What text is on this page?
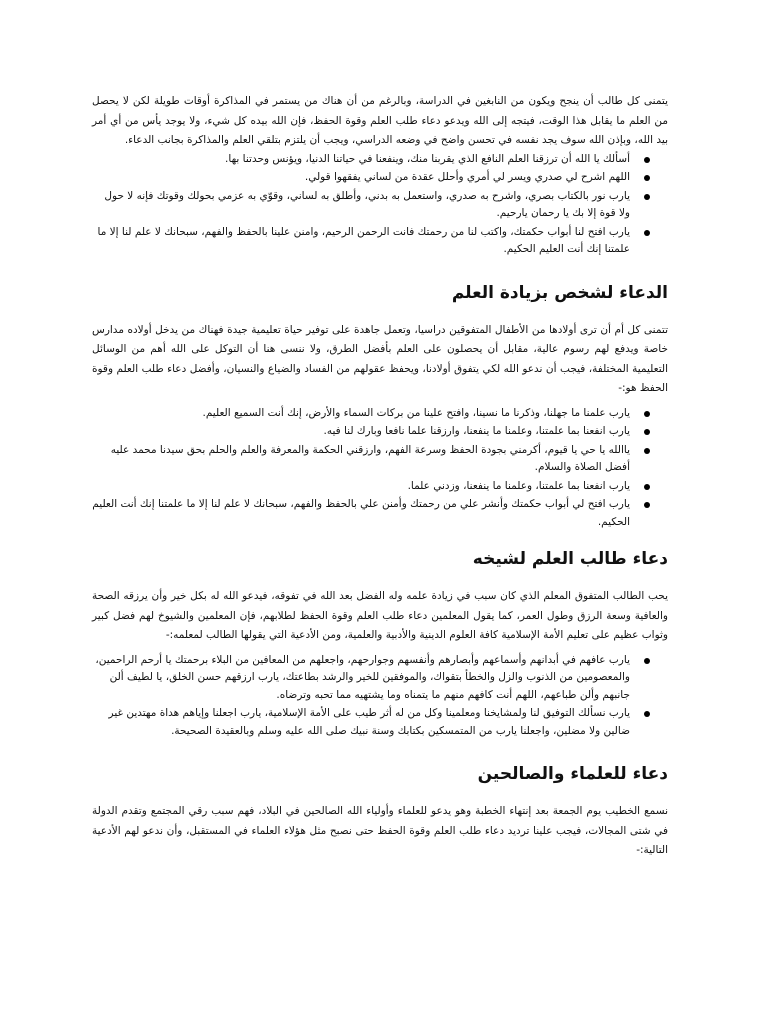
يتمنى كل طالب أن ينجح ويكون من النابغين في الدراسة، وبالرغم من أن هناك من يستمر في المذاكرة أوقات طويلة لكن لا يحصل من العلم ما يقابل هذا الوقت، فيتجه إلى الله ويدعو دعاء طلب العلم وقوة الحفظ، فإن الله بيده كل شيء، ولا يوجد يأس من أي أمر بيد الله، وبإذن الله سوف يجد نفسه في تحسن واضح في وضعه الدراسي، ويجب أن يلتزم بتلقي العلم والمذاكرة بجانب الدعاء.

أسألك يا الله أن ترزقنا العلم النافع الذي يقربنا منك، وينفعنا في حياتنا الدنيا، ويؤنس وحدتنا بها.
اللهم اشرح لي صدري ويسر لي أمري وأحلل عقدة من لساني يفقهوا قولي.
يارب نور بالكتاب بصري، واشرح به صدري، واستعمل به بدني، وأطلق به لساني، وقوّي به عزمي بحولك وقوتك فإنه لا حول ولا قوة إلا بك يا رحمان يارحيم.
يارب افتح لنا أبواب حكمتك، واكتب لنا من رحمتك فانت الرحمن الرحيم، وامنن علينا بالحفظ والفهم، سبحانك لا علم لنا إلا ما علمتنا إنك أنت العليم الحكيم.
الدعاء لشخص بزيادة العلم

تتمنى كل أم أن ترى أولادها من الأطفال المتفوقين دراسيا، وتعمل جاهدة على توفير حياة تعليمية جيدة فهناك من يدخل أولاده مدارس خاصة ويدفع لهم رسوم عالية، مقابل أن يحصلون على العلم بأفضل الطرق، ولا ننسى هنا أن التوكل على الله أهم من الوسائل التعليمية المختلفة، فيجب أن ندعو الله لكي يتفوق أولادنا، ويحفظ عقولهم من الفساد والضياع والنسيان، وأفضل دعاء طلب العلم وقوة الحفظ هو:-

يارب علمنا ما جهلنا، وذكرنا ما نسينا، وافتح علينا من بركات السماء والأرض، إنك أنت السميع العليم.
يارب انفعنا بما علمتنا، وعلمنا ما ينفعنا، وارزقنا علما نافعا وبارك لنا فيه.
ياالله يا حي يا قيوم، أكرمني بجودة الحفظ وسرعة الفهم، وارزقني الحكمة والمعرفة والعلم والحلم بحق سيدنا محمد عليه أفضل الصلاة والسلام.
يارب انفعنا بما علمتنا، وعلمنا ما ينفعنا، وزدني علما.
يارب افتح لي أبواب حكمتك وأنشر علي من رحمتك وأمنن علي بالحفظ والفهم، سبحانك لا علم لنا إلا ما علمتنا إنك أنت العليم الحكيم.
دعاء طالب العلم لشيخه

يحب الطالب المتفوق المعلم الذي كان سبب في زيادة علمه وله الفضل بعد الله في تفوقه، فيدعو الله له بكل خير وأن يرزقه الصحة والعافية وسعة الرزق وطول العمر، كما يقول المعلمين دعاء طلب العلم وقوة الحفظ لطلابهم، فإن المعلمين والشيوخ لهم فضل كبير وثواب عظيم على تعليم الأمة الإسلامية كافة العلوم الدينية والأدبية والعلمية، ومن الأدعية التي يقولها الطالب لمعلمه:-

يارب عافهم في أبدانهم وأسماعهم وأبصارهم وأنفسهم وجوارحهم، واجعلهم من المعافين من البلاء برحمتك يا أرحم الراحمين، والمعصومين من الذنوب والزل والخطأ بتقواك، والموفقين للخير والرشد بطاعتك، يارب ارزقهم حسن الخلق، يا لطيف ألن جانبهم وألن طباعهم، اللهم أنت كافهم منهم ما يتمناه وما يشتهيه مما تحبه وترضاه.
يارب نسألك التوفيق لنا ولمشايخنا ومعلمينا وكل من له أثر طيب على الأمة الإسلامية، يارب اجعلنا وإياهم هداة مهتدين غير ضالين ولا مضلين، واجعلنا يارب من المتمسكين بكتابك وسنة نبيك صلى الله عليه وسلم وبالعقيدة الصحيحة.
دعاء للعلماء والصالحين

نسمع الخطيب يوم الجمعة بعد إنتهاء الخطبة وهو يدعو للعلماء وأولياء الله الصالحين في البلاد، فهم سبب رقي المجتمع وتقدم الدولة في شتى المجالات، فيجب علينا ترديد دعاء طلب العلم وقوة الحفظ حتى نصبح مثل هؤلاء العلماء في المستقبل، وأن ندعو لهم الأدعية التالية:-
